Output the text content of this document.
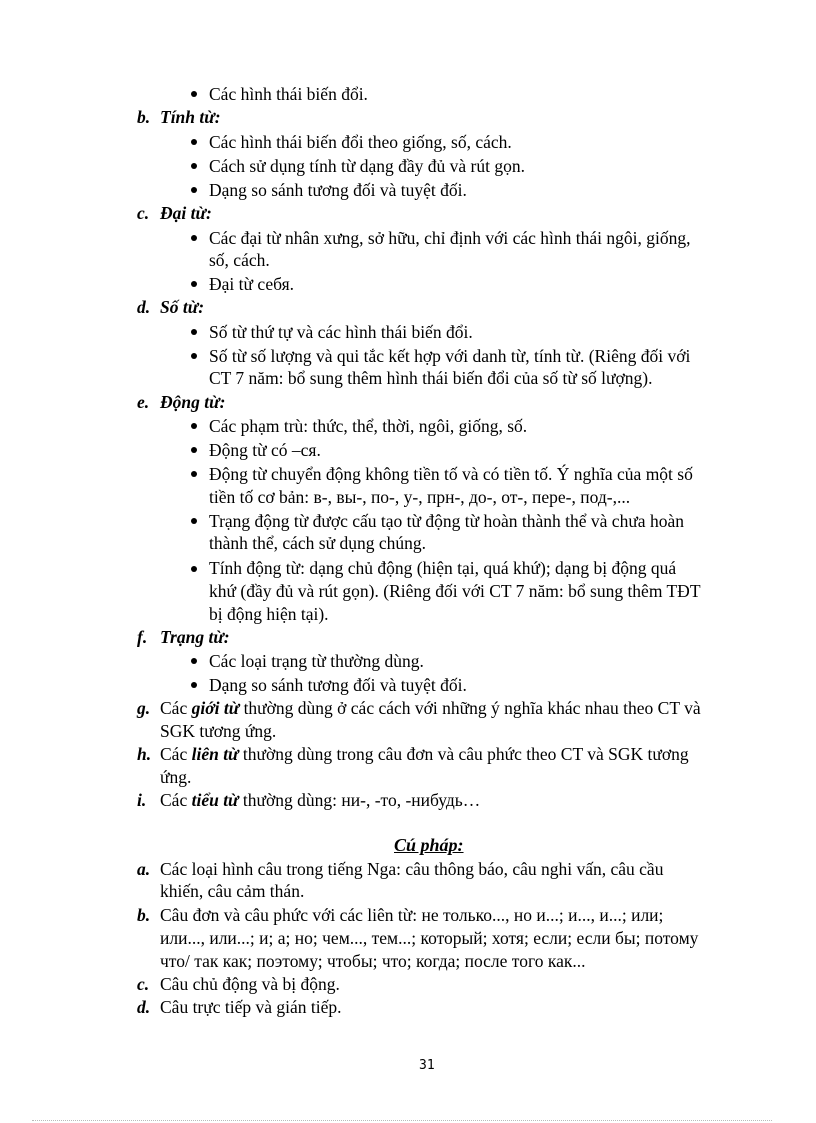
Các hình thái biến đổi.
b. Tính từ:
Các hình thái biến đổi theo giống, số, cách.
Cách sử dụng tính từ dạng đầy đủ và rút gọn.
Dạng so sánh tương đối và tuyệt đối.
c. Đại từ:
Các đại từ nhân xưng, sở hữu, chỉ định với các hình thái ngôi, giống,
số, cách.
Đại từ себя.
d. Số từ:
Số từ thứ tự và các hình thái biến đổi.
Số từ số lượng và qui tắc kết hợp với danh từ, tính từ. (Riêng đối với
CT 7 năm: bổ sung thêm hình thái biến đổi của số từ số lượng).
e. Động từ:
Các phạm trù: thức, thể, thời, ngôi, giống, số.
Động từ có –ся.
Động từ chuyển động không tiền tố và có tiền tố. Ý nghĩa của một số
tiền tố cơ bản: в-, вы-, по-, у-, прн-, до-, от-, пере-, под-,...
Trạng động từ được cấu tạo từ động từ hoàn thành thể và chưa hoàn
thành thể, cách sử dụng chúng.
Tính động từ: dạng chủ động (hiện tại, quá khứ); dạng bị động quá
khứ (đầy đủ và rút gọn). (Riêng đối với CT 7 năm: bổ sung thêm TĐT
bị động hiện tại).
f. Trạng từ:
Các loại trạng từ thường dùng.
Dạng so sánh tương đối và tuyệt đối.
g. Các giới từ thường dùng ở các cách với những ý nghĩa khác nhau theo CT và
SGK tương ứng.
h. Các liên từ thường dùng trong câu đơn và câu phức theo CT và SGK tương
ứng.
i. Các tiểu từ thường dùng: ни-, -то, -нибудь…
Cú pháp:
a. Các loại hình câu trong tiếng Nga: câu thông báo, câu nghi vấn, câu cầu
khiến, câu cảm thán.
b. Câu đơn và câu phức với các liên từ: не только..., но и...; и..., и...; или;
или..., или...; и; а; но; чем..., тем...; который; хотя; если; если бы; потому
что/ так как; поэтому; чтобы; что; когда; после того как...
c. Câu chủ động và bị động.
d. Câu trực tiếp và gián tiếp.
31
